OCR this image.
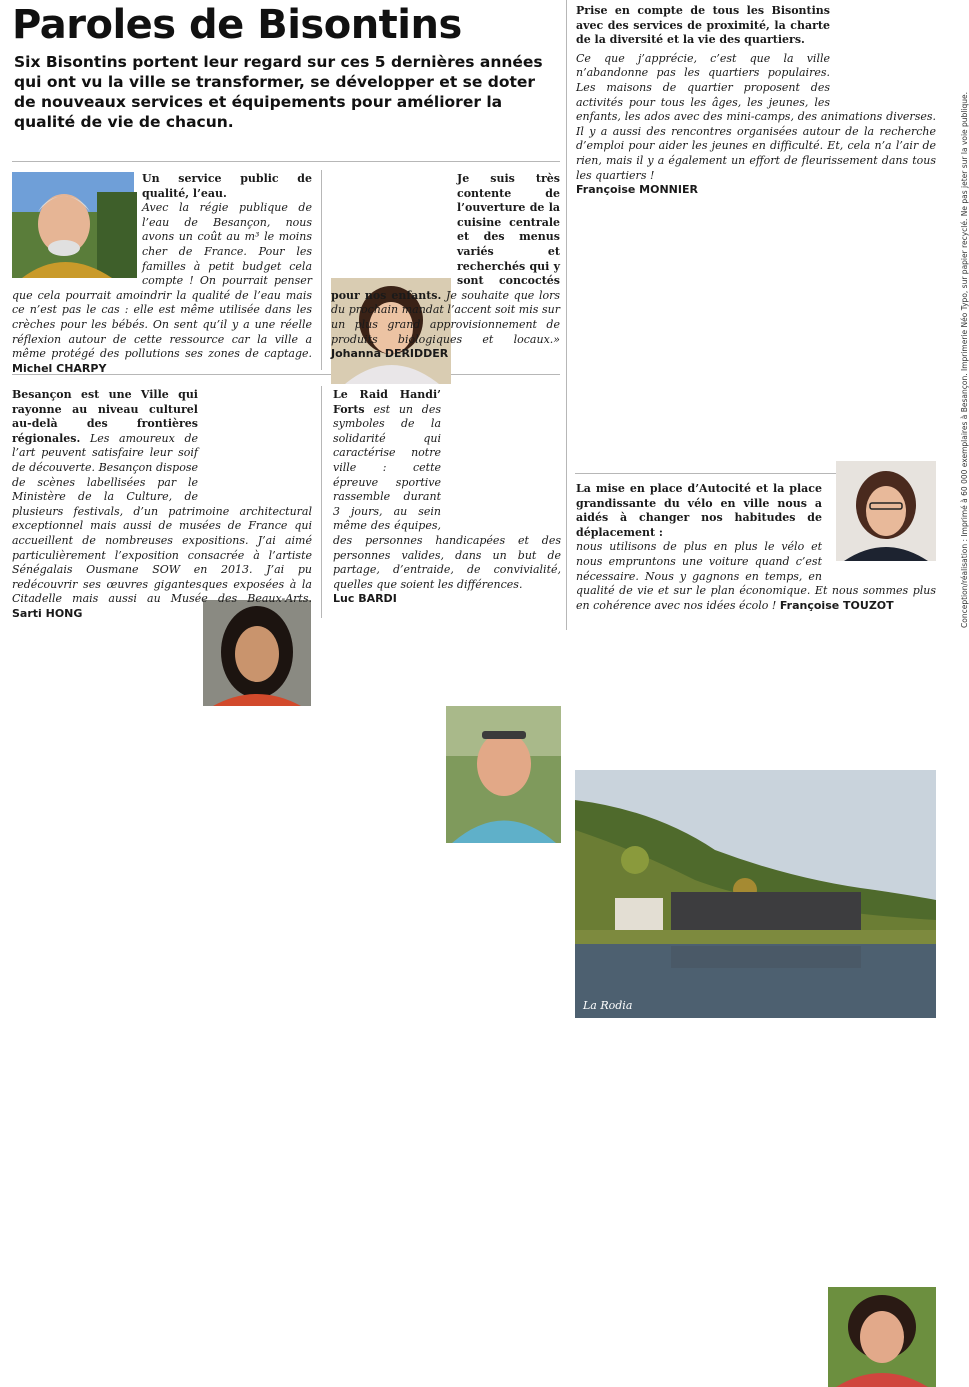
Paroles de Bisontins
Six Bisontins portent leur regard sur ces 5 dernières années qui ont vu la ville se transformer, se développer et se doter de nouveaux services et équipements pour améliorer la qualité de vie de chacun.
Un service public de qualité, l’eau.
Avec la régie publique de l’eau de Besançon, nous avons un coût au m³ le moins cher de France. Pour les familles à petit budget cela compte ! On pourrait penser que cela pourrait amoindrir la qualité de l’eau mais ce n’est pas le cas : elle est même utilisée dans les crèches pour les bébés. On sent qu’il y a une réelle réflexion autour de cette ressource car la ville a même protégé des pollutions ses zones de captage. Michel CHARPY
Je suis très contente de l’ouverture de la cuisine centrale et des menus variés et recherchés qui y sont concoctés pour nos enfants. Je souhaite que lors du prochain mandat l’accent soit mis sur un plus grand approvisionnement de produits biologiques et locaux.» Johanna DERIDDER
Besançon est une Ville qui rayonne au niveau culturel au-delà des frontières régionales. Les amoureux de l’art peuvent satisfaire leur soif de découverte. Besançon dispose de scènes labellisées par le Ministère de la Culture, de plusieurs festivals, d’un patrimoine architectural exceptionnel mais aussi de musées de France qui accueillent de nombreuses expositions. J’ai aimé particulièrement l’exposition consacrée à l’artiste Sénégalais Ousmane SOW en 2013. J’ai pu redécouvrir ses œuvres gigantesques exposées à la Citadelle mais aussi au Musée des Beaux-Arts. Sarti HONG
Le Raid Handi’ Forts est un des symboles de la solidarité qui caractérise notre ville : cette épreuve sportive rassemble durant 3 jours, au sein même des équipes, des personnes handicapées et des personnes valides, dans un but de partage, d’entraide, de convivialité, quelles que soient les différences.
Luc BARDI
Prise en compte de tous les Bisontins avec des services de proximité, la charte de la diversité et la vie des quartiers.
Ce que j’apprécie, c’est que la ville n’abandonne pas les quartiers populaires. Les maisons de quartier proposent des activités pour tous les âges, les jeunes, les enfants, les ados avec des mini-camps, des animations diverses. Il y a aussi des rencontres organisées autour de la recherche d’emploi pour aider les jeunes en difficulté. Et, cela n’a l’air de rien, mais il y a également un effort de fleurissement dans tous les quartiers !
Françoise MONNIER
La Rodia
La mise en place d’Autocité et la place grandissante du vélo en ville nous a aidés à changer nos habitudes de déplacement :
nous utilisons de plus en plus le vélo et nous empruntons une voiture quand c’est nécessaire. Nous y gagnons en temps, en qualité de vie et sur le plan économique. Et nous sommes plus en cohérence avec nos idées écolo ! Françoise TOUZOT	Conception/réalisation : Imprimé à 60 000 exemplaires à Besançon. Imprimerie Néo Typo, sur papier recyclé. Ne pas jeter sur la voie publique.
